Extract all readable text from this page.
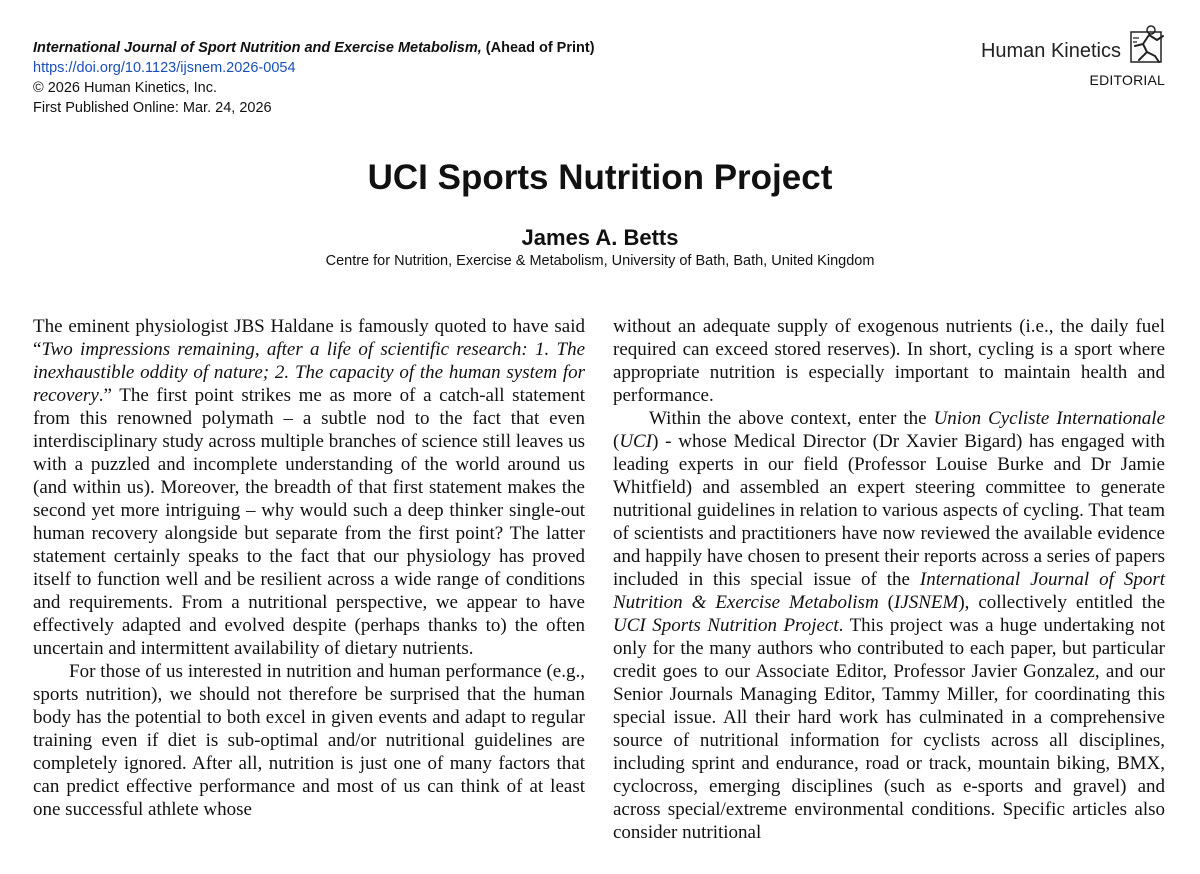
International Journal of Sport Nutrition and Exercise Metabolism, (Ahead of Print)
https://doi.org/10.1123/ijsnem.2026-0054
© 2026 Human Kinetics, Inc.
First Published Online: Mar. 24, 2026
Human Kinetics
EDITORIAL
UCI Sports Nutrition Project
James A. Betts
Centre for Nutrition, Exercise & Metabolism, University of Bath, Bath, United Kingdom

The eminent physiologist JBS Haldane is famously quoted to have said “Two impressions remaining, after a life of scientific research: 1. The inexhaustible oddity of nature; 2. The capacity of the human system for recovery.” The first point strikes me as more of a catch-all statement from this renowned polymath – a subtle nod to the fact that even interdisciplinary study across multiple branches of science still leaves us with a puzzled and incomplete understanding of the world around us (and within us). Moreover, the breadth of that first statement makes the second yet more intriguing – why would such a deep thinker single-out human recovery alongside but separate from the first point? The latter statement certainly speaks to the fact that our physiology has proved itself to function well and be resilient across a wide range of conditions and requirements. From a nutritional perspective, we appear to have effectively adapted and evolved despite (perhaps thanks to) the often uncertain and intermittent availability of dietary nutrients.

For those of us interested in nutrition and human performance (e.g., sports nutrition), we should not therefore be surprised that the human body has the potential to both excel in given events and adapt to regular training even if diet is sub-optimal and/or nutritional guidelines are completely ignored. After all, nutrition is just one of many factors that can predict effective performance and most of us can think of at least one successful athlete whose

without an adequate supply of exogenous nutrients (i.e., the daily fuel required can exceed stored reserves). In short, cycling is a sport where appropriate nutrition is especially important to maintain health and performance.

Within the above context, enter the Union Cycliste Internationale (UCI) - whose Medical Director (Dr Xavier Bigard) has engaged with leading experts in our field (Professor Louise Burke and Dr Jamie Whitfield) and assembled an expert steering committee to generate nutritional guidelines in relation to various aspects of cycling. That team of scientists and practitioners have now reviewed the available evidence and happily have chosen to present their reports across a series of papers included in this special issue of the International Journal of Sport Nutrition & Exercise Metabolism (IJSNEM), collectively entitled the UCI Sports Nutrition Project. This project was a huge undertaking not only for the many authors who contributed to each paper, but particular credit goes to our Associate Editor, Professor Javier Gonzalez, and our Senior Journals Managing Editor, Tammy Miller, for coordinating this special issue. All their hard work has culminated in a comprehensive source of nutritional information for cyclists across all disciplines, including sprint and endurance, road or track, mountain biking, BMX, cyclocross, emerging disciplines (such as e-sports and gravel) and across special/extreme environmental conditions. Specific articles also consider nutritional
